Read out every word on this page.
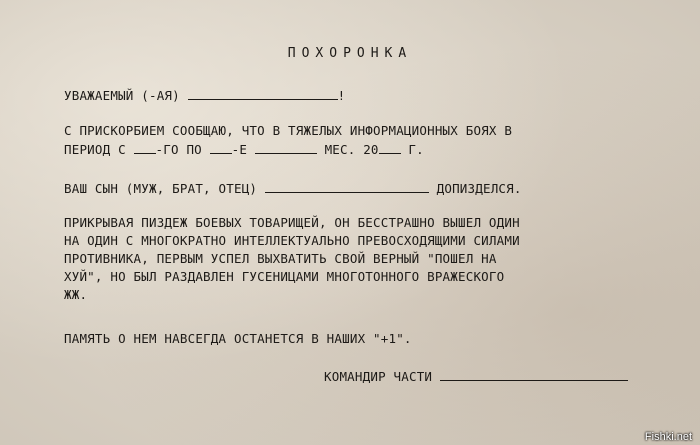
ПОХОРОНКА

УВАЖАЕМЫЙ (-АЯ)	!

С ПРИСКОРБИЕМ СООБЩАЮ, ЧТО В ТЯЖЕЛЫХ ИНФОРМАЦИОННЫХ БОЯХ В

ПЕРИОД С -ГО ПО -Е	МЕС. 20 Г.

ВАШ СЫН (МУЖ, БРАТ, ОТЕЦ)	ДОПИЗДЕЛСЯ.

ПРИКРЫВАЯ ПИЗДЕЖ БОЕВЫХ ТОВАРИЩЕЙ, ОН БЕССТРАШНО ВЫШЕЛ ОДИН

НА ОДИН С МНОГОКРАТНО ИНТЕЛЛЕКТУАЛЬНО ПРЕВОСХОДЯЩИМИ СИЛАМИ

ПРОТИВНИКА, ПЕРВЫМ УСПЕЛ ВЫХВАТИТЬ СВОЙ ВЕРНЫЙ "ПОШЕЛ НА

ХУЙ", НО БЫЛ РАЗДАВЛЕН ГУСЕНИЦАМИ МНОГОТОННОГО ВРАЖЕСКОГО

ЖЖ.

ПАМЯТЬ О НЕМ НАВСЕГДА ОСТАНЕТСЯ В НАШИХ "+1".

КОМАНДИР ЧАСТИ

Fishki.net
